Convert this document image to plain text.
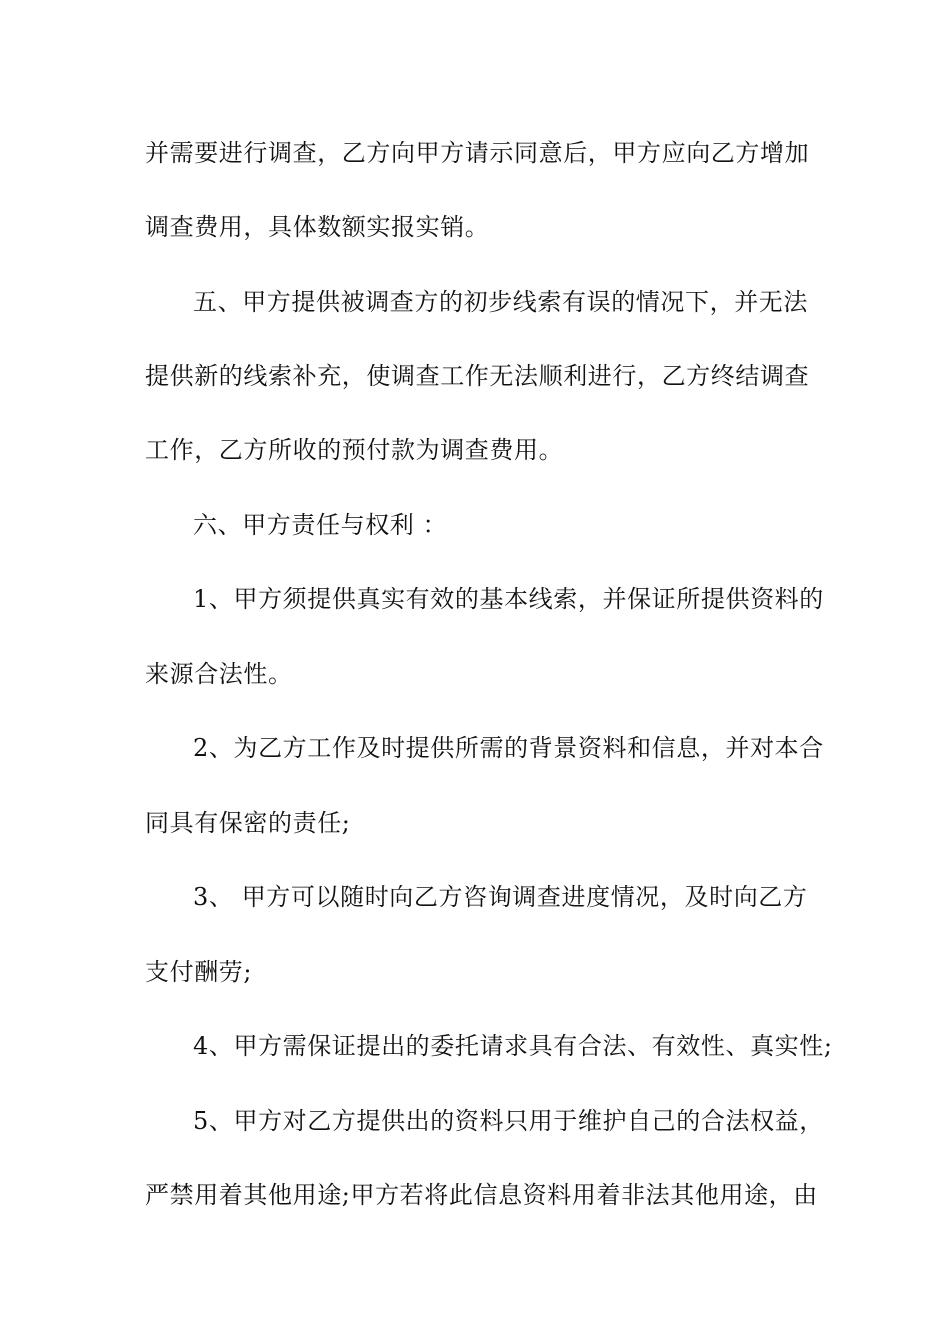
并需要进行调查，乙方向甲方请示同意后，甲方应向乙方增加
调查费用，具体数额实报实销。
五、甲方提供被调查方的初步线索有误的情况下，并无法
提供新的线索补充，使调查工作无法顺利进行，乙方终结调查
工作，乙方所收的预付款为调查费用。
六、甲方责任与权利 ：
1、甲方须提供真实有效的基本线索，并保证所提供资料的
来源合法性。
2、为乙方工作及时提供所需的背景资料和信息，并对本合
同具有保密的责任;
3、 甲方可以随时向乙方咨询调查进度情况，及时向乙方
支付酬劳;
4、甲方需保证提出的委托请求具有合法、有效性、真实性;
5、甲方对乙方提供出的资料只用于维护自己的合法权益，
严禁用着其他用途;甲方若将此信息资料用着非法其他用途，由
